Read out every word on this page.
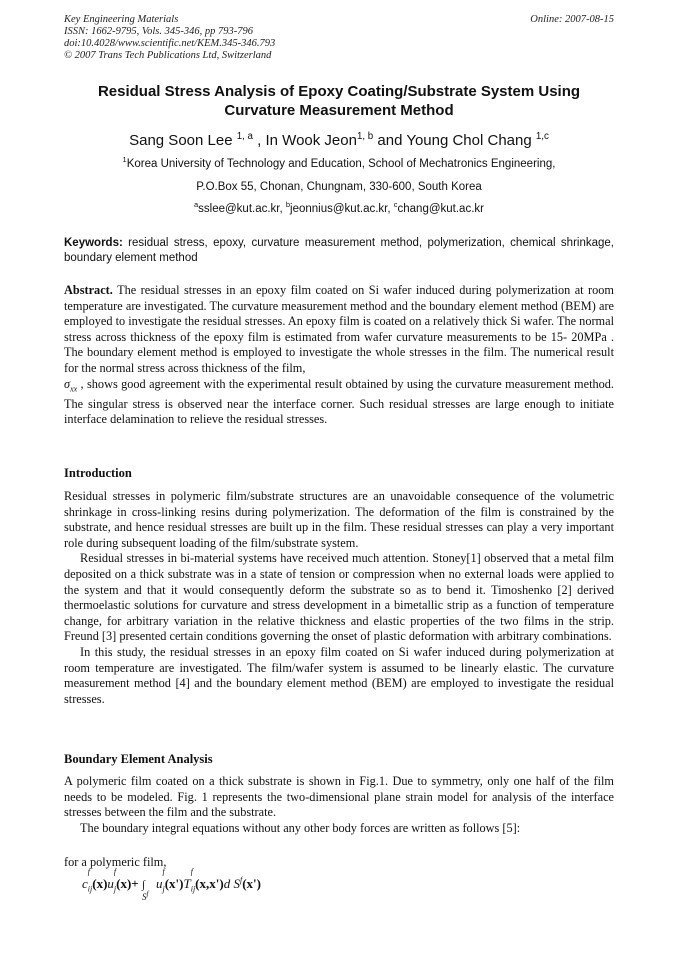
Key Engineering Materials
ISSN: 1662-9795, Vols. 345-346, pp 793-796
doi:10.4028/www.scientific.net/KEM.345-346.793
© 2007 Trans Tech Publications Ltd, Switzerland
Online: 2007-08-15
Residual Stress Analysis of Epoxy Coating/Substrate System Using
Curvature Measurement Method
Sang Soon Lee $^{1, a}$ , In Wook Jeon$^{1, b}$ and Young Chol Chang $^{1,c}$
$^1$Korea University of Technology and Education, School of Mechatronics Engineering,
P.O.Box 55, Chonan, Chungnam, 330-600, South Korea
$^a$sslee@kut.ac.kr, $^b$jeonnius@kut.ac.kr, $^c$chang@kut.ac.kr
Keywords: residual stress, epoxy, curvature measurement method, polymerization, chemical shrinkage, boundary element method
Abstract. The residual stresses in an epoxy film coated on Si wafer induced during polymerization at room temperature are investigated. The curvature measurement method and the boundary element method (BEM) are employed to investigate the residual stresses. An epoxy film is coated on a relatively thick Si wafer. The normal stress across thickness of the epoxy film is estimated from wafer curvature measurements to be 15- 20MPa . The boundary element method is employed to investigate the whole stresses in the film. The numerical result for the normal stress across thickness of the film,
$\sigma_{xx}$ , shows good agreement with the experimental result obtained by using the curvature measurement method. The singular stress is observed near the interface corner. Such residual stresses are large enough to initiate interface delamination to relieve the residual stresses.
Introduction

Residual stresses in polymeric film/substrate structures are an unavoidable consequence of the volumetric shrinkage in cross-linking resins during polymerization. The deformation of the film is constrained by the substrate, and hence residual stresses are built up in the film. These residual stresses can play a very important role during subsequent loading of the film/substrate system.

Residual stresses in bi-material systems have received much attention. Stoney[1] observed that a metal film deposited on a thick substrate was in a state of tension or compression when no external loads were applied to the system and that it would consequently deform the substrate so as to bend it. Timoshenko [2] derived thermoelastic solutions for curvature and stress development in a bimetallic strip as a function of temperature change, for arbitrary variation in the relative thickness and elastic properties of the two films in the strip. Freund [3] presented certain conditions governing the onset of plastic deformation with arbitrary combinations.

In this study, the residual stresses in an epoxy film coated on Si wafer induced during polymerization at room temperature are investigated. The film/wafer system is assumed to be linearly elastic. The curvature measurement method [4] and the boundary element method (BEM) are employed to investigate the residual stresses.

Boundary Element Analysis

A polymeric film coated on a thick substrate is shown in Fig.1. Due to symmetry, only one half of the film needs to be modeled. Fig. 1 represents the two-dimensional plane strain model for analysis of the interface stresses between the film and the substrate.

The boundary integral equations without any other body forces are written as follows [5]:

for a polymeric film,
c
f
$_{ij}$(x)u
f
$_j$(x)+ ∫
$S^f$
u
f
$_j$(x')T
f
$_{ij}$(x,x')d $S^f(x')$
